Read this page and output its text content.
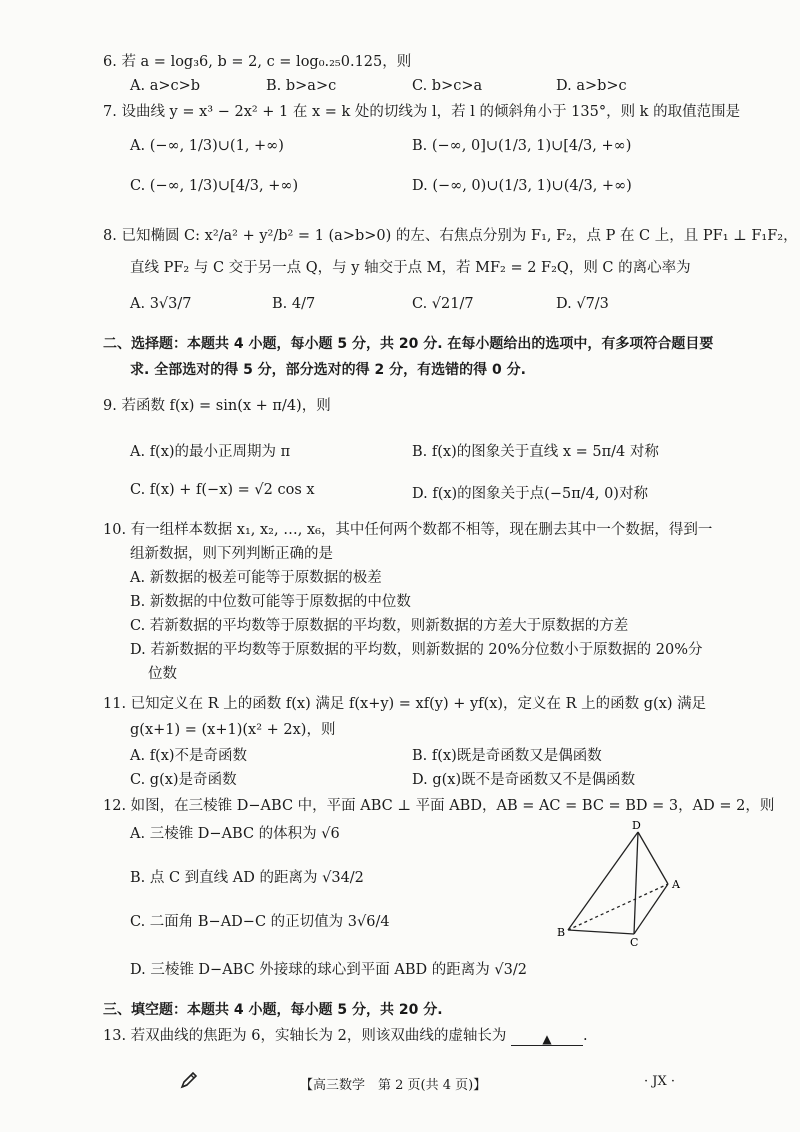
6. 若 a = log₃6, b = 2, c = log₀.₂₅0.125，则
A. a>c>b	B. b>a>c	C. b>c>a	D. a>b>c
7. 设曲线 y = x³ − 2x² + 1 在 x = k 处的切线为 l，若 l 的倾斜角小于 135°，则 k 的取值范围是
A. (−∞, 1/3)∪(1, +∞)	B. (−∞, 0]∪(1/3, 1)∪[4/3, +∞)
C. (−∞, 1/3)∪[4/3, +∞)	D. (−∞, 0)∪(1/3, 1)∪(4/3, +∞)
8. 已知椭圆 C: x²/a² + y²/b² = 1 (a>b>0) 的左、右焦点分别为 F₁, F₂，点 P 在 C 上，且 PF₁ ⊥ F₁F₂，
直线 PF₂ 与 C 交于另一点 Q，与 y 轴交于点 M，若 MF₂ = 2 F₂Q，则 C 的离心率为
A. 3√3/7	B. 4/7	C. √21/7	D. √7/3
二、选择题：本题共 4 小题，每小题 5 分，共 20 分. 在每小题给出的选项中，有多项符合题目要
求. 全部选对的得 5 分，部分选对的得 2 分，有选错的得 0 分.
9. 若函数 f(x) = sin(x + π/4)，则
A. f(x)的最小正周期为 π	B. f(x)的图象关于直线 x = 5π/4 对称
C. f(x) + f(−x) = √2 cos x	D. f(x)的图象关于点(−5π/4, 0)对称
10. 有一组样本数据 x₁, x₂, …, x₆，其中任何两个数都不相等，现在删去其中一个数据，得到一
组新数据，则下列判断正确的是
A. 新数据的极差可能等于原数据的极差
B. 新数据的中位数可能等于原数据的中位数
C. 若新数据的平均数等于原数据的平均数，则新数据的方差大于原数据的方差
D. 若新数据的平均数等于原数据的平均数，则新数据的 20%分位数小于原数据的 20%分
位数
11. 已知定义在 R 上的函数 f(x) 满足 f(x+y) = xf(y) + yf(x)，定义在 R 上的函数 g(x) 满足
g(x+1) = (x+1)(x² + 2x)，则
A. f(x)不是奇函数	B. f(x)既是奇函数又是偶函数
C. g(x)是奇函数	D. g(x)既不是奇函数又不是偶函数
12. 如图，在三棱锥 D−ABC 中，平面 ABC ⊥ 平面 ABD，AB = AC = BC = BD = 3，AD = 2，则
A. 三棱锥 D−ABC 的体积为 √6
B. 点 C 到直线 AD 的距离为 √34/2
C. 二面角 B−AD−C 的正切值为 3√6/4
D. 三棱锥 D−ABC 外接球的球心到平面 ABD 的距离为 √3/2
D
A
B
C
三、填空题：本题共 4 小题，每小题 5 分，共 20 分.
13. 若双曲线的焦距为 6，实轴长为 2，则该双曲线的虚轴长为	▲ .
【高三数学　第 2 页(共 4 页)】	· JX ·
